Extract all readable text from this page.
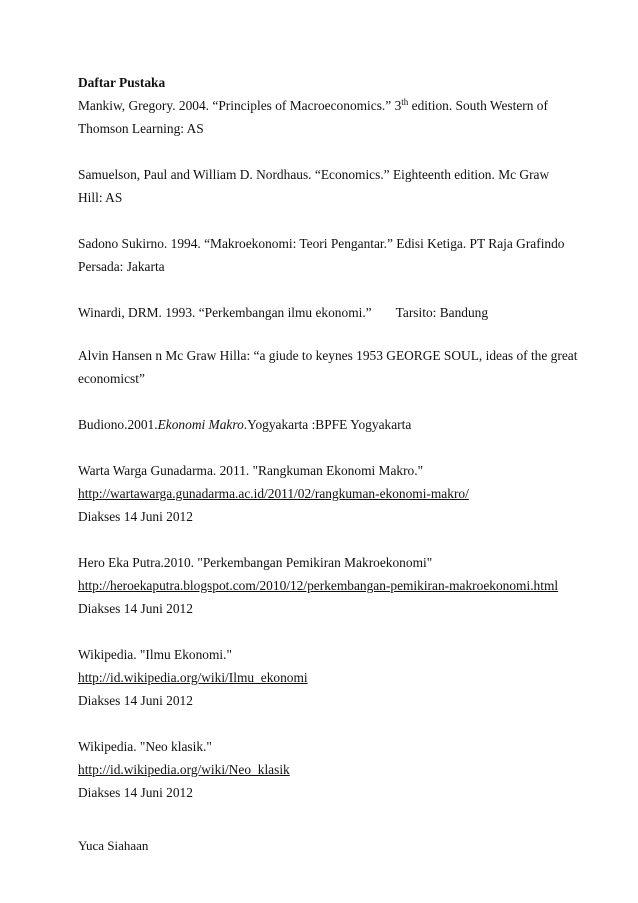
Daftar Pustaka

Mankiw, Gregory. 2004. “Principles of Macroeconomics.” 3th edition. South Western of
Thomson Learning: AS
Samuelson, Paul and William D. Nordhaus. “Economics.” Eighteenth edition. Mc Graw
Hill: AS
Sadono Sukirno. 1994. “Makroekonomi: Teori Pengantar.” Edisi Ketiga. PT Raja Grafindo
Persada: Jakarta
Winardi, DRM. 1993. “Perkembangan ilmu ekonomi.” Tarsito: Bandung
Alvin Hansen n Mc Graw Hilla: “a giude to keynes 1953 GEORGE SOUL, ideas of the great
economicst”
Budiono.2001.Ekonomi Makro.Yogyakarta :BPFE Yogyakarta
Warta Warga Gunadarma. 2011. "Rangkuman Ekonomi Makro."
http://wartawarga.gunadarma.ac.id/2011/02/rangkuman-ekonomi-makro/
Diakses 14 Juni 2012
Hero Eka Putra.2010. "Perkembangan Pemikiran Makroekonomi"
http://heroekaputra.blogspot.com/2010/12/perkembangan-pemikiran-makroekonomi.html
Diakses 14 Juni 2012
Wikipedia. "Ilmu Ekonomi."
http://id.wikipedia.org/wiki/Ilmu_ekonomi
Diakses 14 Juni 2012
Wikipedia. "Neo klasik."
http://id.wikipedia.org/wiki/Neo_klasik
Diakses 14 Juni 2012
Yuca Siahaan
